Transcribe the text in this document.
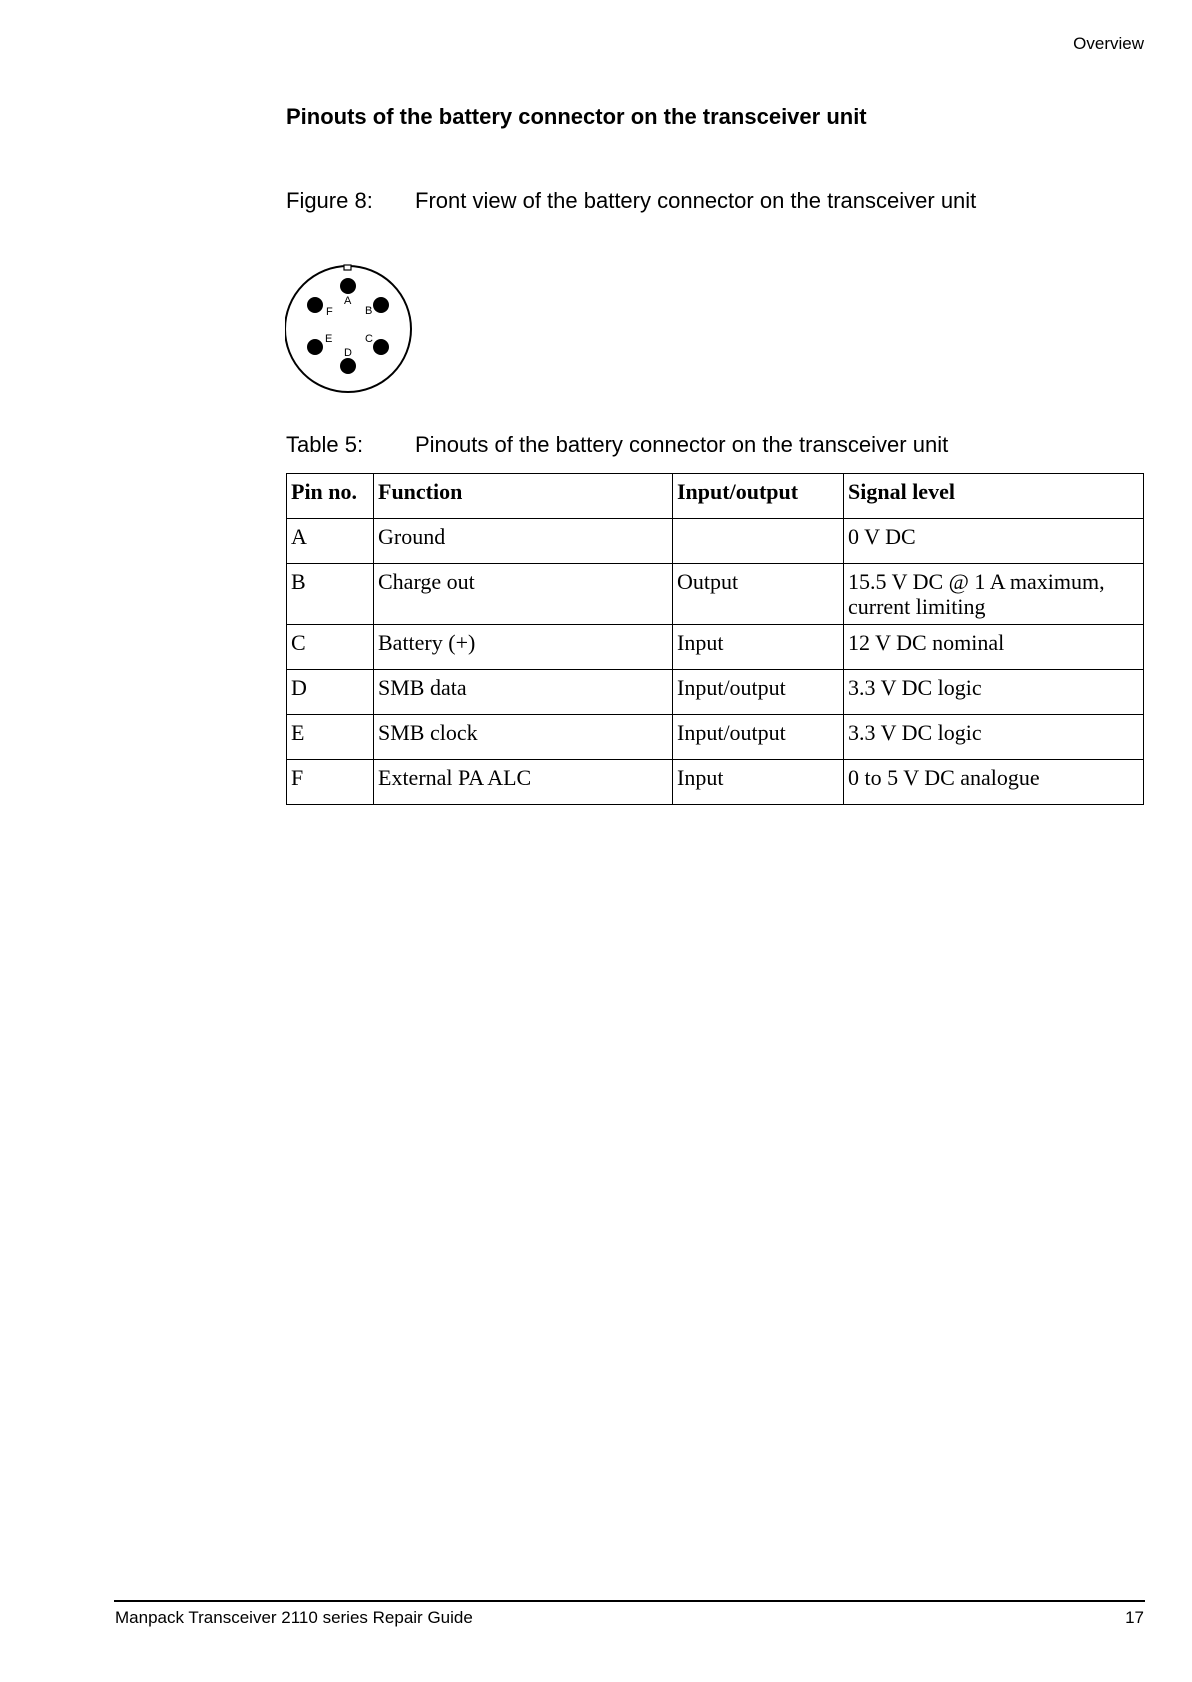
Overview
Pinouts of the battery connector on the transceiver unit
Figure 8:	Front view of the battery connector on the transceiver unit
A
B
C
D
E
F
Table 5:	Pinouts of the battery connector on the transceiver unit
Pin no.	Function	Input/output	Signal level
A	Ground		0 V DC
B	Charge out	Output	15.5 V DC @ 1 A maximum, current limiting
C	Battery (+)	Input	12 V DC nominal
D	SMB data	Input/output	3.3 V DC logic
E	SMB clock	Input/output	3.3 V DC logic
F	External PA ALC	Input	0 to 5 V DC analogue
Manpack Transceiver 2110 series Repair Guide	17
